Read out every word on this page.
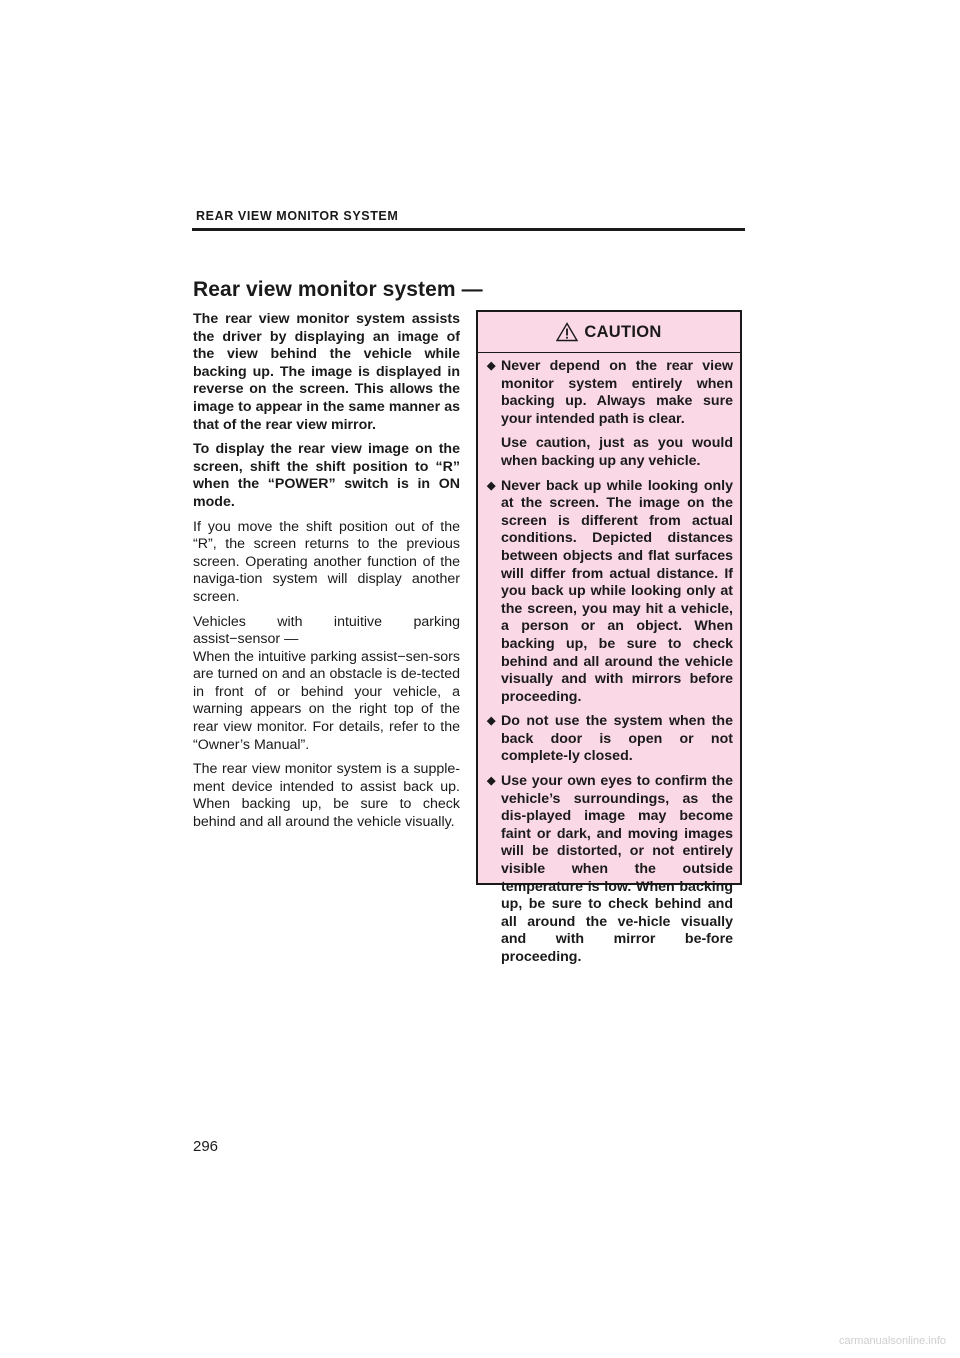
REAR VIEW MONITOR SYSTEM
Rear view monitor system —

The rear view monitor system assists the driver by displaying an image of the view behind the vehicle while backing up. The image is displayed in reverse on the screen. This allows the image to appear in the same manner as that of the rear view mirror.

To display the rear view image on the screen, shift the shift position to “R” when the “POWER” switch is in ON mode.

If you move the shift position out of the “R”, the screen returns to the previous screen. Operating another function of the naviga-tion system will display another screen.

Vehicles with intuitive parking assist−sensor —

When the intuitive parking assist−sen-sors are turned on and an obstacle is de-tected in front of or behind your vehicle, a warning appears on the right top of the rear view monitor. For details, refer to the “Owner’s Manual”.

The rear view monitor system is a supple-ment device intended to assist back up. When backing up, be sure to check behind and all around the vehicle visually.

CAUTION
◆ Never depend on the rear view monitor system entirely when backing up. Always make sure your intended path is clear.

Use caution, just as you would when backing up any vehicle.

◆ Never back up while looking only at the screen. The image on the screen is different from actual conditions. Depicted distances between objects and flat surfaces will differ from actual distance. If you back up while looking only at the screen, you may hit a vehicle, a person or an object. When backing up, be sure to check behind and all around the vehicle visually and with mirrors before proceeding.

◆ Do not use the system when the back door is open or not complete-ly closed.

◆ Use your own eyes to confirm the vehicle’s surroundings, as the dis-played image may become faint or dark, and moving images will be distorted, or not entirely visible when the outside temperature is low. When backing up, be sure to check behind and all around the ve-hicle visually and with mirror be-fore proceeding.

296
carmanualsonline.info
